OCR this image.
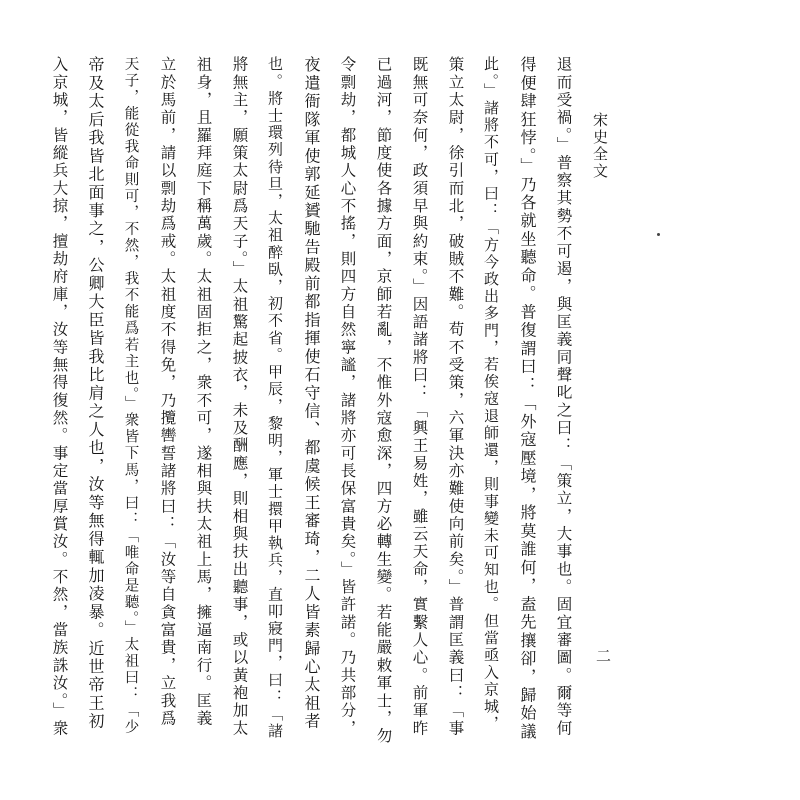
宋史全文
二
退而受禍。」普察其勢不可遏，與匡義同聲叱之曰：「策立，大事也。固宜審圖。爾等何
得便肆狂悖。」乃各就坐聽命。普復謂曰：「外寇壓境，將莫誰何，盍先攘卻，歸始議
此。」諸將不可，曰：「方今政出多門，若俟寇退師還，則事變未可知也。但當亟入京城，
策立太尉，徐引而北，破賊不難。苟不受策，六軍決亦難使向前矣。」普謂匡義曰：「事
既無可奈何，政須早與約束。」因語諸將曰：「興王易姓，雖云天命，實繫人心。前軍昨
已過河，節度使各據方面，京師若亂，不惟外寇愈深，四方必轉生變。若能嚴敕軍士，勿
令剽劫，都城人心不搖，則四方自然寧謐，諸將亦可長保富貴矣。」皆許諾。乃共部分，
夜遣衙隊軍使郭延贇馳告殿前都指揮使石守信、都虞候王審琦，二人皆素歸心太祖者
也。將士環列待旦，太祖醉臥，初不省。甲辰，黎明，軍士擐甲執兵，直叩寢門，曰：「諸
將無主，願策太尉爲天子。」太祖驚起披衣，未及酬應，則相與扶出聽事，或以黃袍加太
祖身，且羅拜庭下稱萬歲。太祖固拒之，衆不可，遂相與扶太祖上馬，擁逼南行。匡義
立於馬前，請以剽劫爲戒。太祖度不得免，乃攬轡誓諸將曰：「汝等自貪富貴，立我爲
天子，能從我命則可，不然，我不能爲若主也。」衆皆下馬，曰：「唯命是聽。」太祖曰：「少
帝及太后我皆北面事之，公卿大臣皆我比肩之人也，汝等無得輒加凌暴。近世帝王初
入京城，皆縱兵大掠，擅劫府庫，汝等無得復然。事定當厚賞汝。不然，當族誅汝。」衆
